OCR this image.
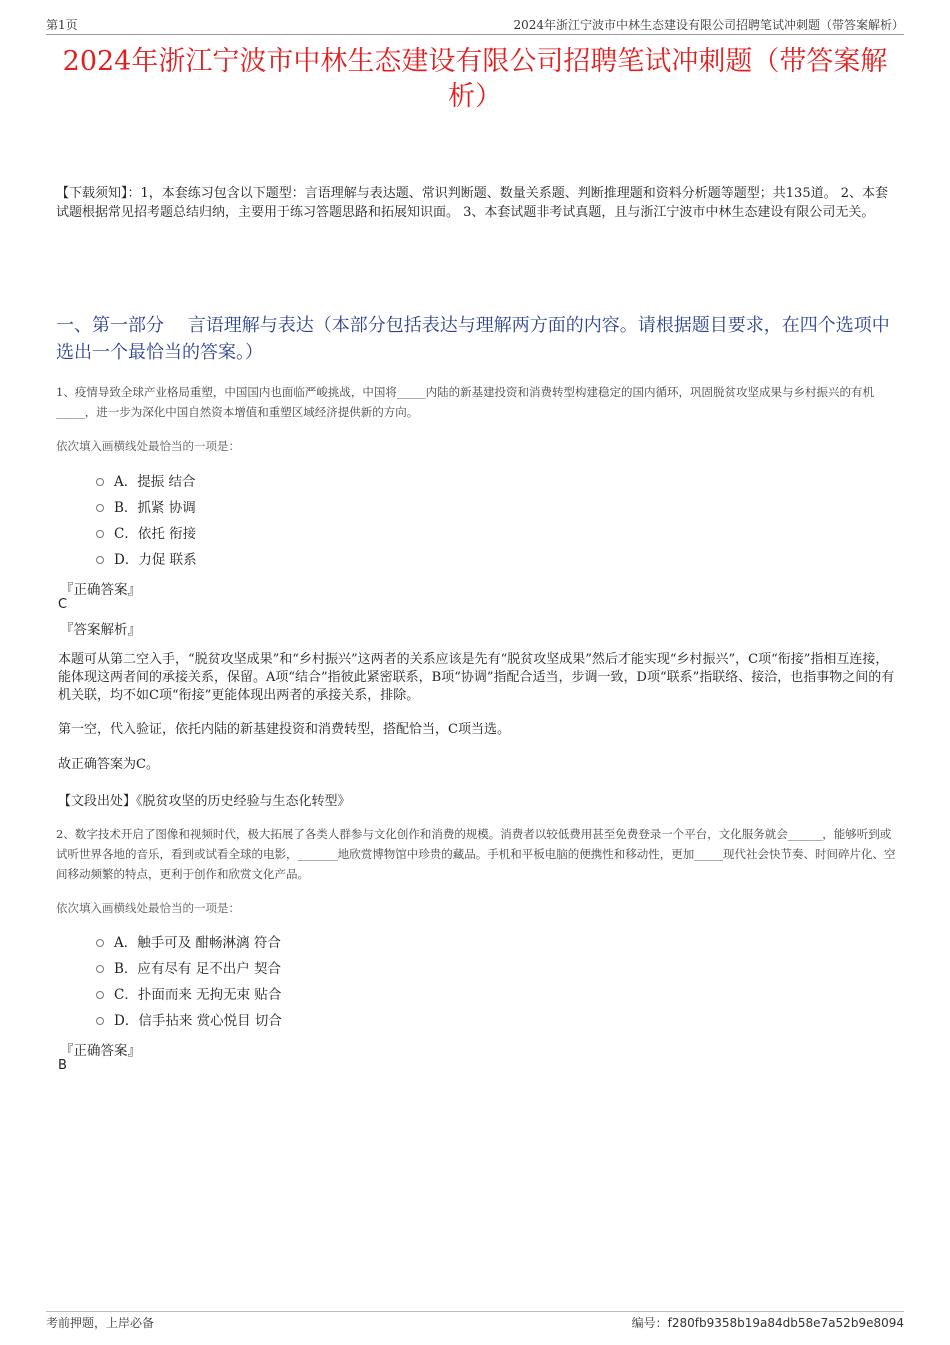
第1页	2024年浙江宁波市中林生态建设有限公司招聘笔试冲刺题（带答案解析）
2024年浙江宁波市中林生态建设有限公司招聘笔试冲刺题（带答案解析）
【下载须知】：1，本套练习包含以下题型：言语理解与表达题、常识判断题、数量关系题、判断推理题和资料分析题等题型；共135道。 2、本套试题根据常见招考题总结归纳，主要用于练习答题思路和拓展知识面。 3、本套试题非考试真题，且与浙江宁波市中林生态建设有限公司无关。
一、第一部分　 言语理解与表达（本部分包括表达与理解两方面的内容。请根据题目要求，在四个选项中选出一个最恰当的答案。）
1、疫情导致全球产业格局重塑，中国国内也面临严峻挑战，中国将_____内陆的新基建投资和消费转型构建稳定的国内循环，巩固脱贫攻坚成果与乡村振兴的有机_____，进一步为深化中国自然资本增值和重塑区域经济提供新的方向。
依次填入画横线处最恰当的一项是：
A．提振 结合
B．抓紧 协调
C．依托 衔接
D．力促 联系
『正确答案』
C
『答案解析』
本题可从第二空入手，“脱贫攻坚成果”和“乡村振兴”这两者的关系应该是先有“脱贫攻坚成果”然后才能实现“乡村振兴”，C项“衔接”指相互连接，能体现这两者间的承接关系，保留。A项“结合”指彼此紧密联系，B项“协调”指配合适当，步调一致，D项“联系”指联络、接洽，也指事物之间的有机关联，均不如C项“衔接”更能体现出两者的承接关系，排除。
第一空，代入验证，依托内陆的新基建投资和消费转型，搭配恰当，C项当选。
故正确答案为C。
【文段出处】《脱贫攻坚的历史经验与生态化转型》
2、数字技术开启了图像和视频时代，极大拓展了各类人群参与文化创作和消费的规模。消费者以较低费用甚至免费登录一个平台，文化服务就会______，能够听到或试听世界各地的音乐，看到或试看全球的电影，_______地欣赏博物馆中珍贵的藏品。手机和平板电脑的便携性和移动性，更加_____现代社会快节奏、时间碎片化、空间移动频繁的特点，更利于创作和欣赏文化产品。
依次填入画横线处最恰当的一项是：
A．触手可及 酣畅淋漓 符合
B．应有尽有 足不出户 契合
C．扑面而来 无拘无束 贴合
D．信手拈来 赏心悦目 切合
『正确答案』
B
考前押题，上岸必备	编号：f280fb9358b19a84db58e7a52b9e8094
